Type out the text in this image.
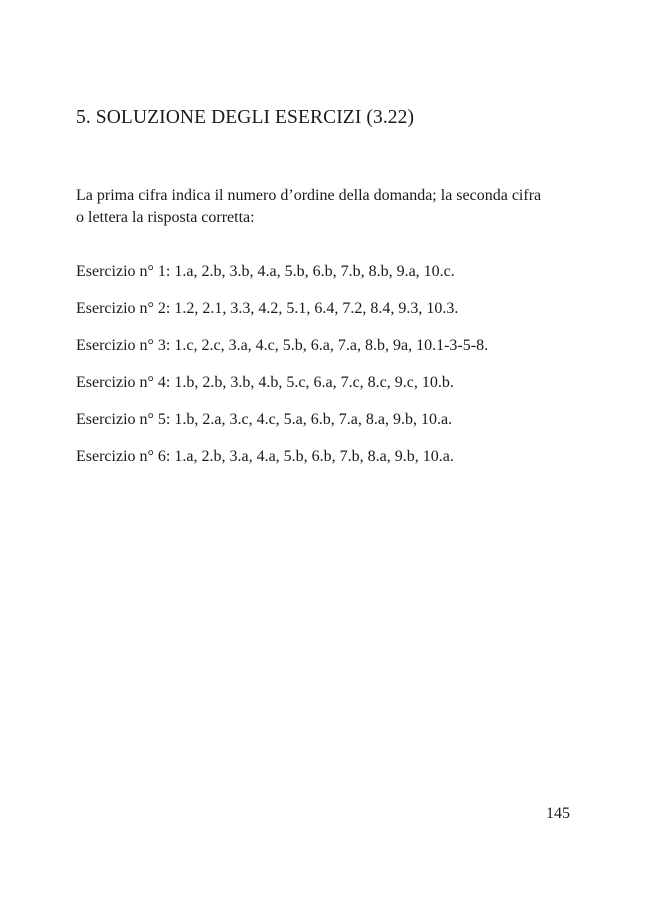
5. SOLUZIONE DEGLI ESERCIZI (3.22)

La prima cifra indica il numero d’ordine della domanda; la seconda cifra
o lettera la risposta corretta:

Esercizio n° 1: 1.a, 2.b, 3.b, 4.a, 5.b, 6.b, 7.b, 8.b, 9.a, 10.c.
Esercizio n° 2: 1.2, 2.1, 3.3, 4.2, 5.1, 6.4, 7.2, 8.4, 9.3, 10.3.
Esercizio n° 3: 1.c, 2.c, 3.a, 4.c, 5.b, 6.a, 7.a, 8.b, 9a, 10.1-3-5-8.
Esercizio n° 4: 1.b, 2.b, 3.b, 4.b, 5.c, 6.a, 7.c, 8.c, 9.c, 10.b.
Esercizio n° 5: 1.b, 2.a, 3.c, 4.c, 5.a, 6.b, 7.a, 8.a, 9.b, 10.a.
Esercizio n° 6: 1.a, 2.b, 3.a, 4.a, 5.b, 6.b, 7.b, 8.a, 9.b, 10.a.
145
